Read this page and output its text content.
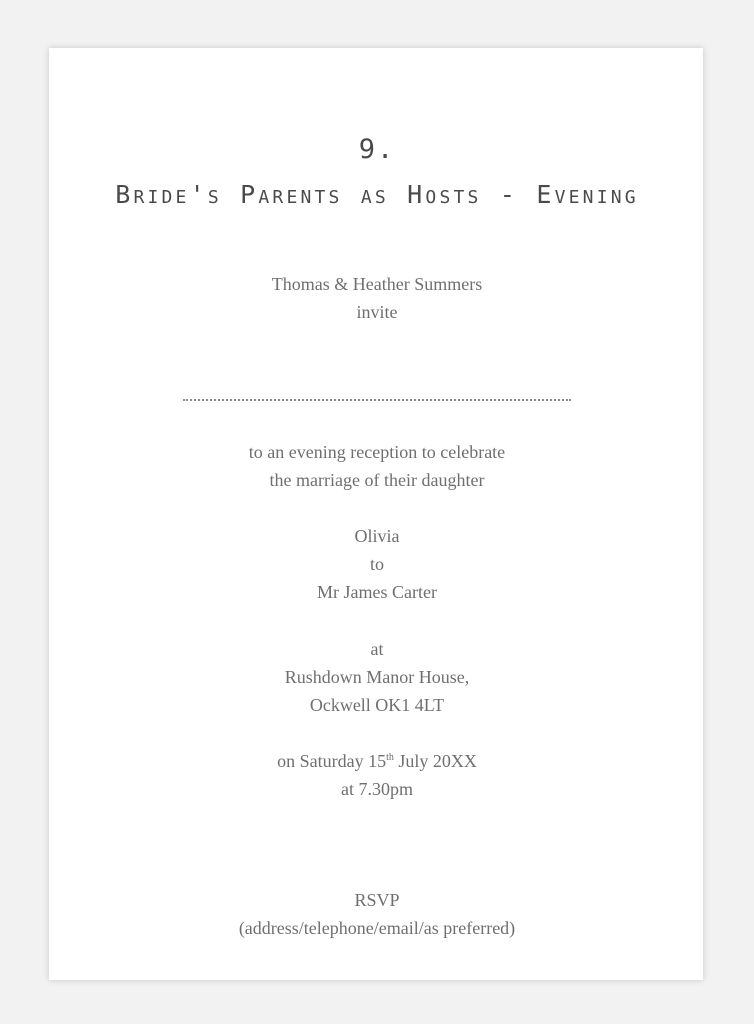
9.
Bride's Parents as Hosts - Evening
Thomas & Heather Summers
invite
to an evening reception to celebrate
the marriage of their daughter
Olivia
to
Mr James Carter
at
Rushdown Manor House,
Ockwell OK1 4LT
on Saturday 15th July 20XX
at 7.30pm
RSVP
(address/telephone/email/as preferred)
